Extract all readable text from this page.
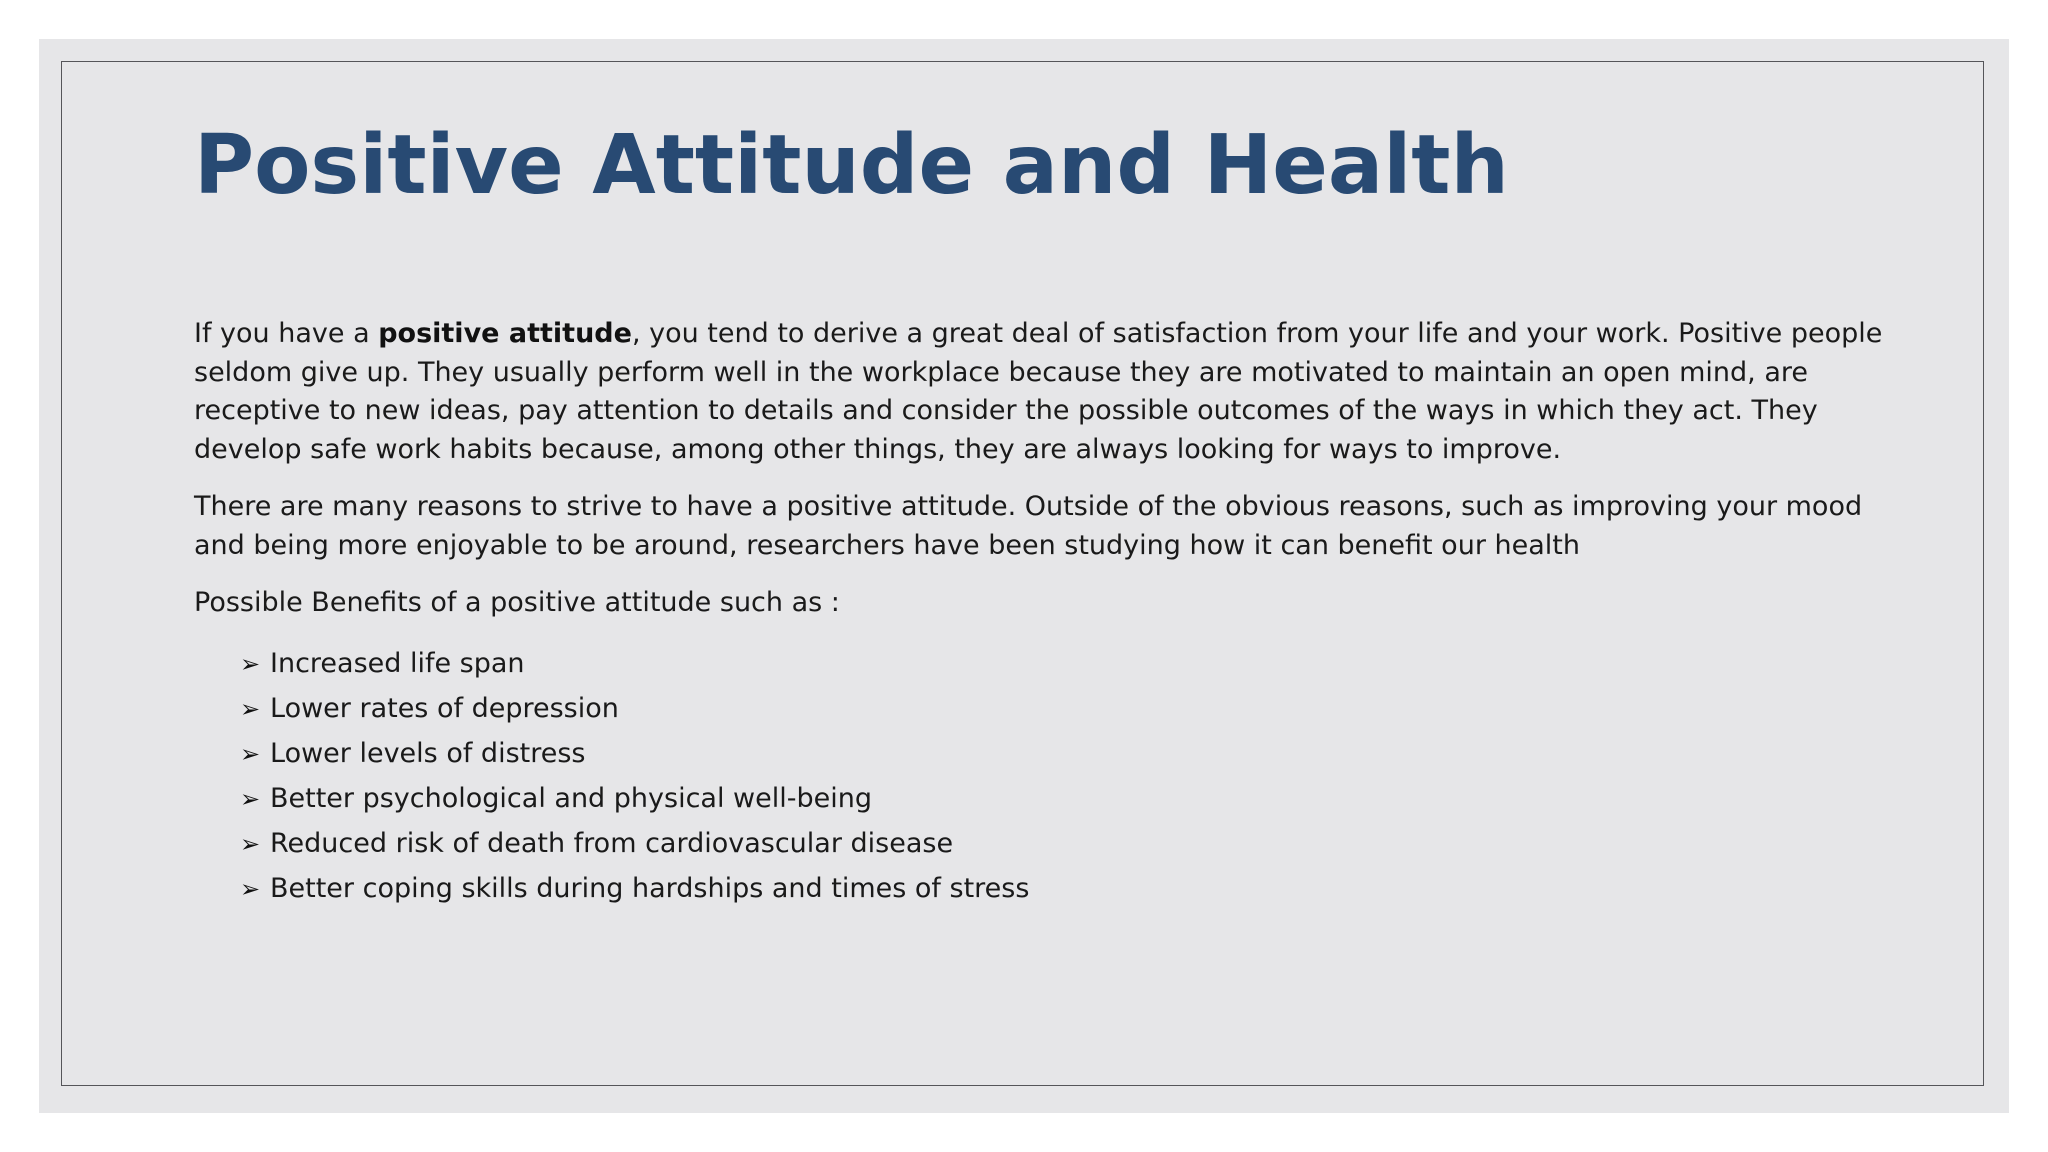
Positive Attitude and Health

If you have a positive attitude, you tend to derive a great deal of satisfaction from your life and your work. Positive people seldom give up. They usually perform well in the workplace because they are motivated to maintain an open mind, are receptive to new ideas, pay attention to details and consider the possible outcomes of the ways in which they act. They develop safe work habits because, among other things, they are always looking for ways to improve.

There are many reasons to strive to have a positive attitude. Outside of the obvious reasons, such as improving your mood and being more enjoyable to be around, researchers have been studying how it can benefit our health

Possible Benefits of a positive attitude such as :

➢ Increased life span
➢ Lower rates of depression
➢ Lower levels of distress
➢ Better psychological and physical well-being
➢ Reduced risk of death from cardiovascular disease
➢ Better coping skills during hardships and times of stress
